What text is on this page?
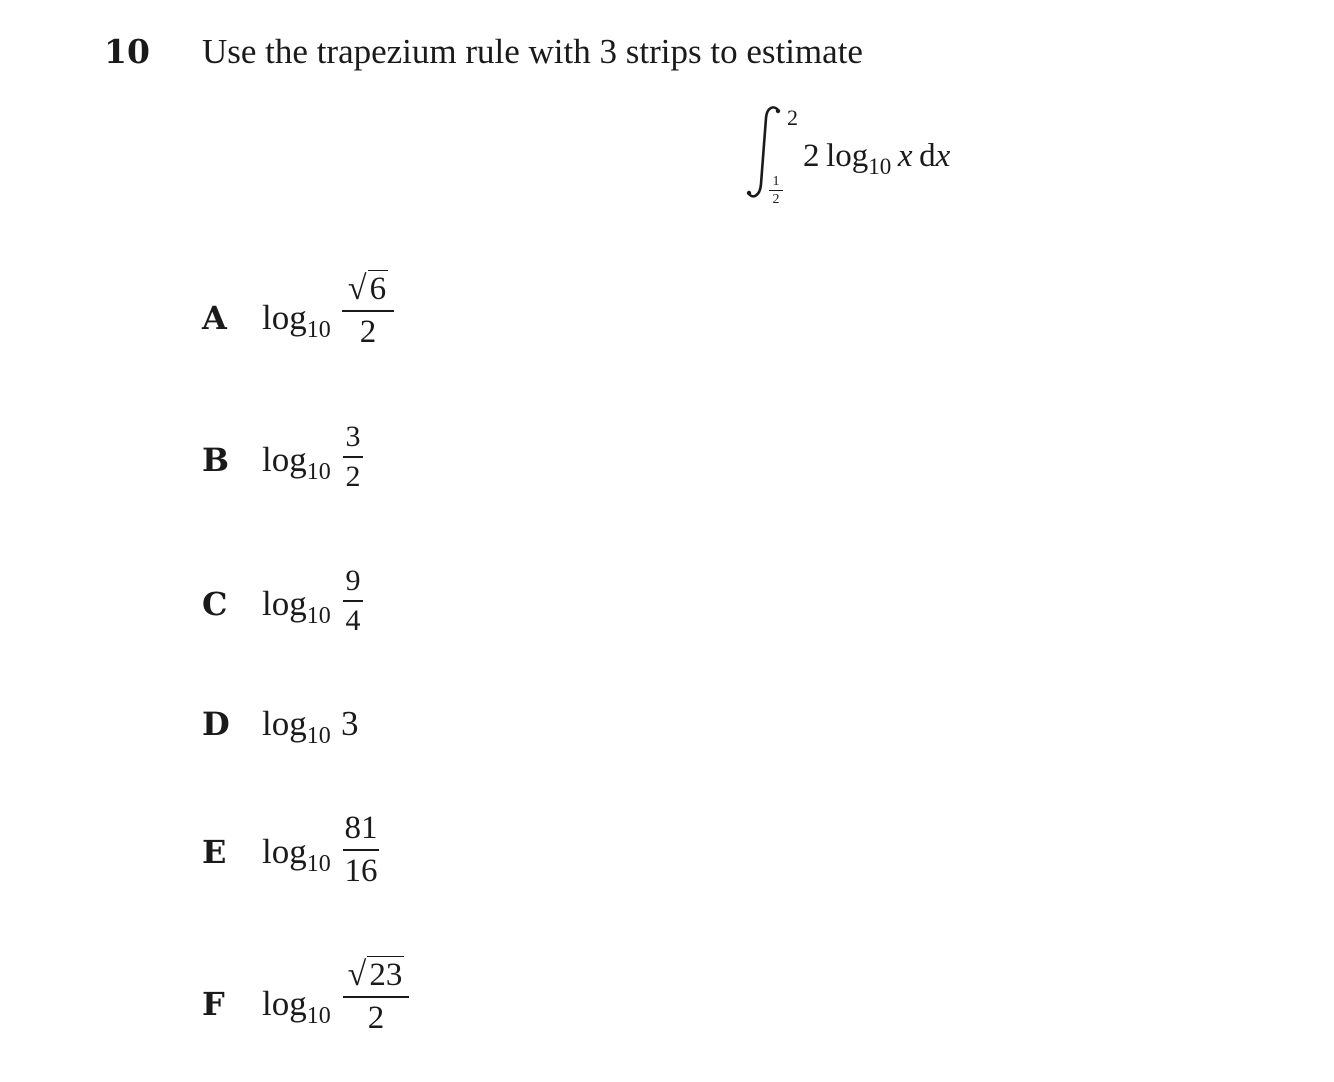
10 Use the trapezium rule with 3 strips to estimate
2
1
2
2  $\log_{10} x$  dx
A $\log_{10}$
√6
2
B $\log_{10}$
3
2
C $\log_{10}$
9
4
D $\log_{10} 3$
E $\log_{10}$
81
16
F $\log_{10}$
√23
2
